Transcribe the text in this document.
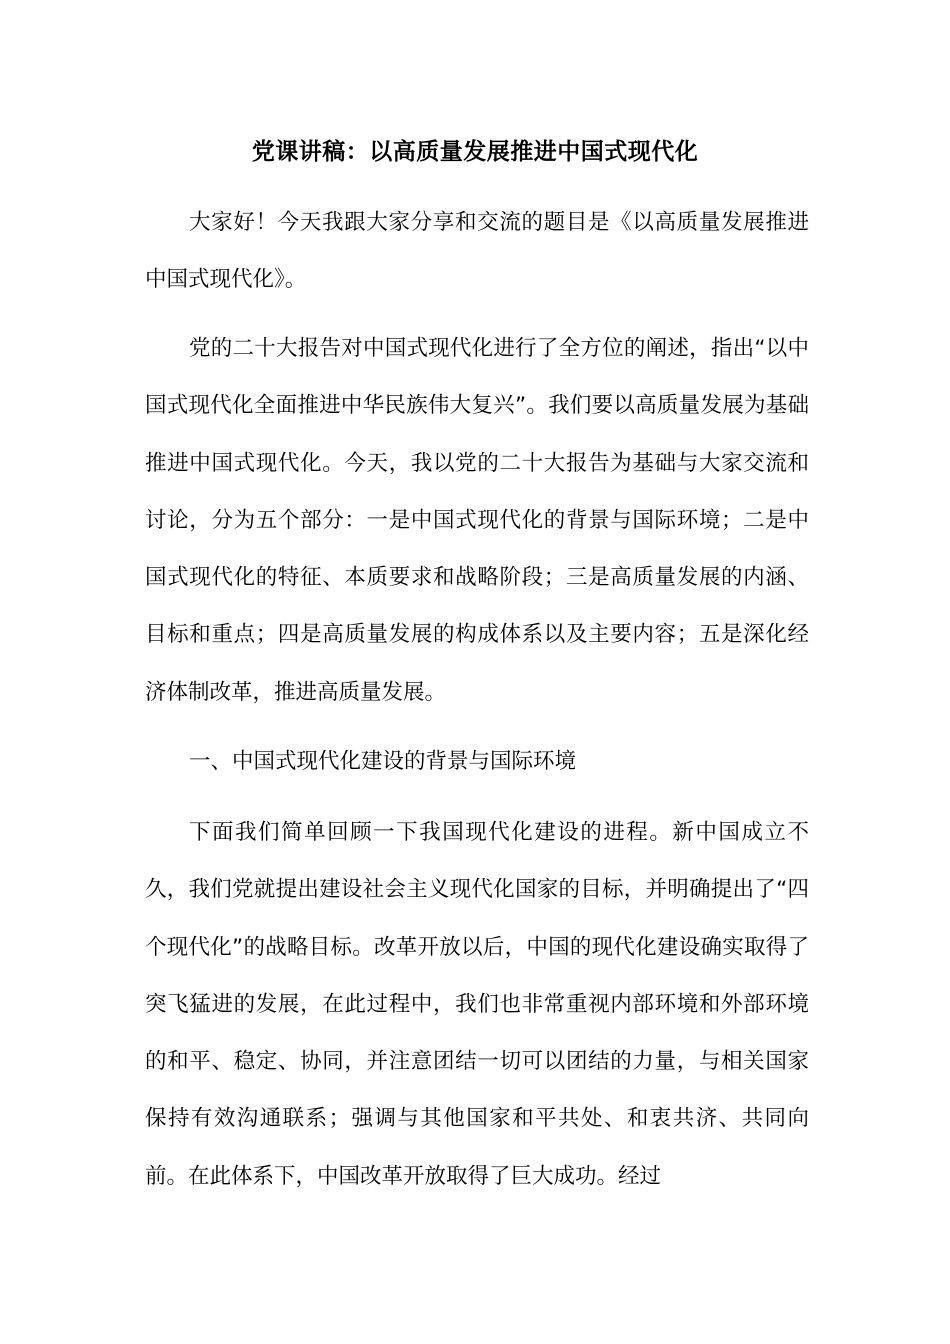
党课讲稿：以高质量发展推进中国式现代化

大家好！今天我跟大家分享和交流的题目是《以高质量发展推进中国式现代化》。

党的二十大报告对中国式现代化进行了全方位的阐述，指出“以中国式现代化全面推进中华民族伟大复兴”。我们要以高质量发展为基础推进中国式现代化。今天，我以党的二十大报告为基础与大家交流和讨论，分为五个部分：一是中国式现代化的背景与国际环境；二是中国式现代化的特征、本质要求和战略阶段；三是高质量发展的内涵、目标和重点；四是高质量发展的构成体系以及主要内容；五是深化经济体制改革，推进高质量发展。

一、中国式现代化建设的背景与国际环境

下面我们简单回顾一下我国现代化建设的进程。新中国成立不久，我们党就提出建设社会主义现代化国家的目标，并明确提出了“四个现代化”的战略目标。改革开放以后，中国的现代化建设确实取得了突飞猛进的发展，在此过程中，我们也非常重视内部环境和外部环境的和平、稳定、协同，并注意团结一切可以团结的力量，与相关国家保持有效沟通联系；强调与其他国家和平共处、和衷共济、共同向前。在此体系下，中国改革开放取得了巨大成功。经过
